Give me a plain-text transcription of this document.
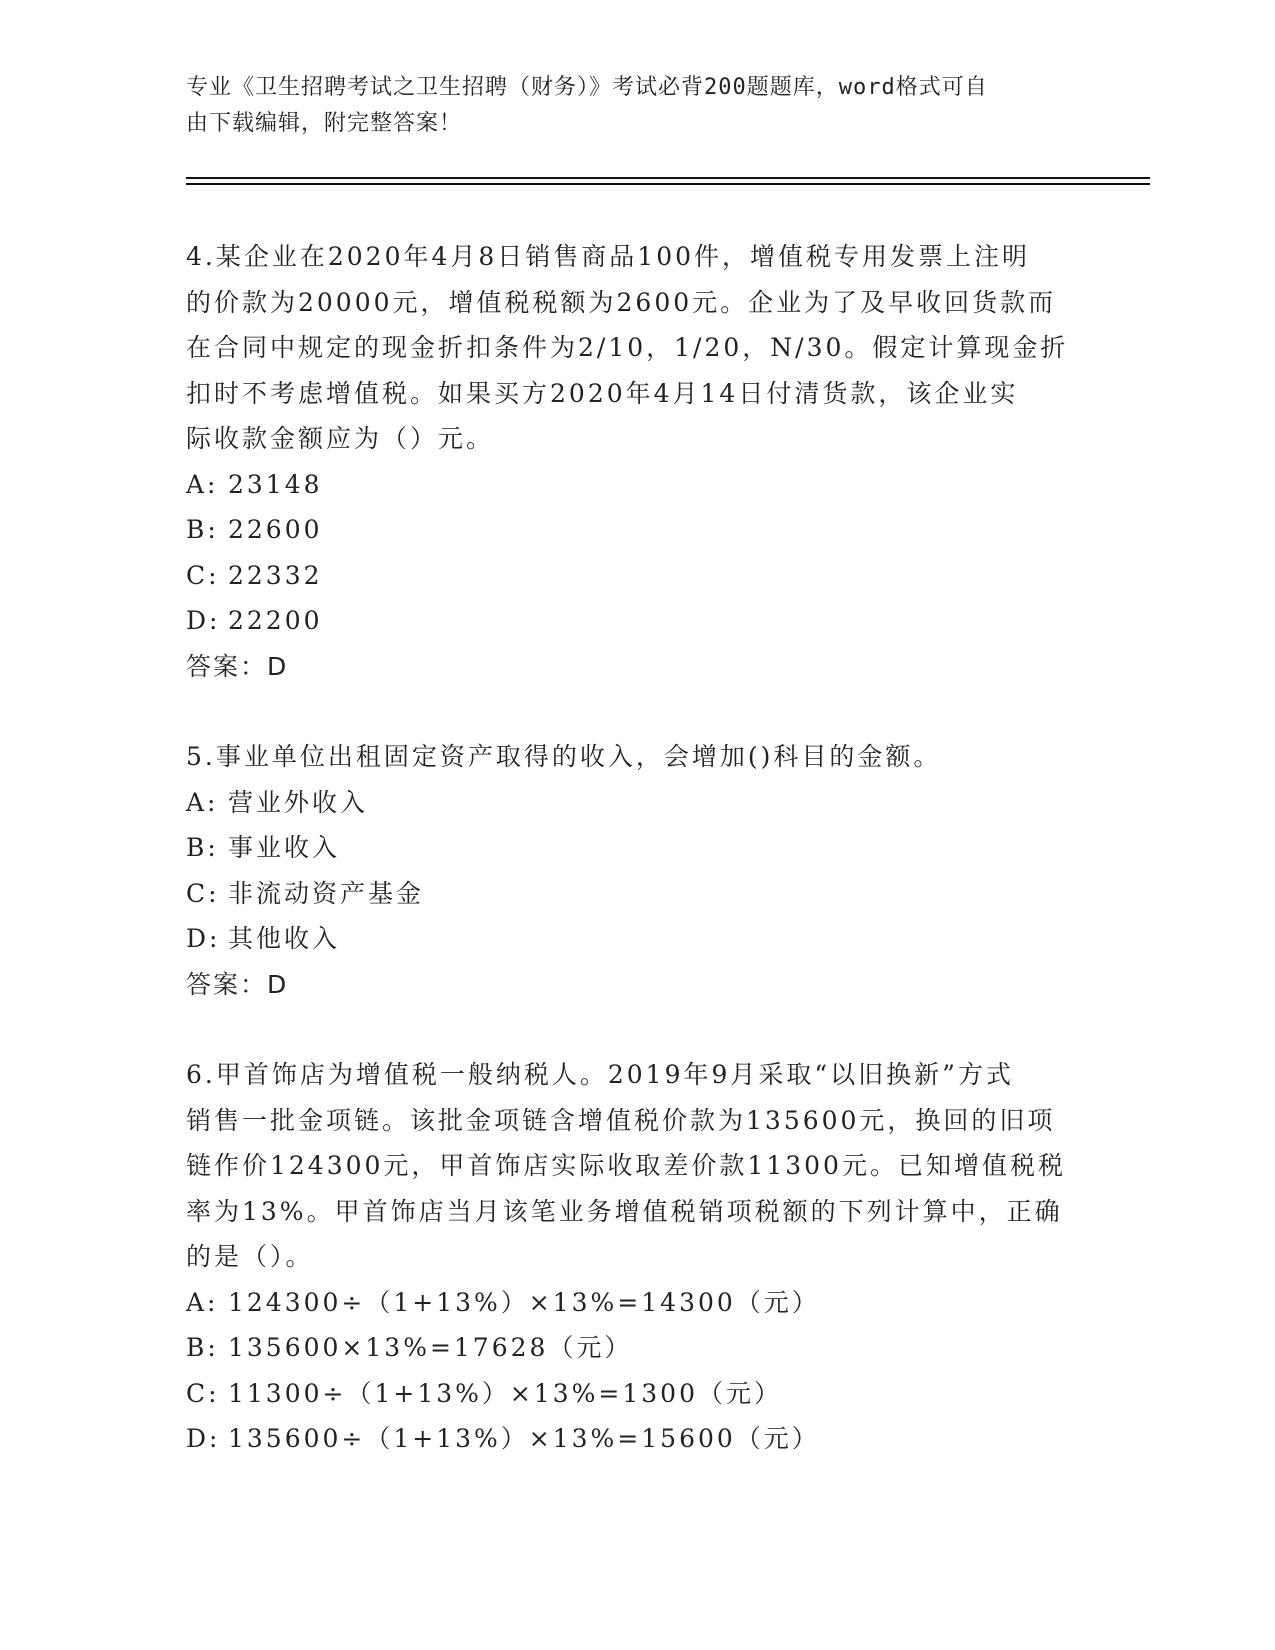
专业《卫生招聘考试之卫生招聘（财务）》考试必背200题题库，word格式可自
由下载编辑，附完整答案！

4.某企业在2020年4月8日销售商品100件，增值税专用发票上注明

的价款为20000元，增值税税额为2600元。企业为了及早收回货款而

在合同中规定的现金折扣条件为2/10，1/20，N/30。假定计算现金折

扣时不考虑增值税。如果买方2020年4月14日付清货款，该企业实

际收款金额应为（）元。

A: 23148

B: 22600

C: 22332

D: 22200

答案：D

5.事业单位出租固定资产取得的收入，会增加()科目的金额。

A: 营业外收入

B: 事业收入

C: 非流动资产基金

D: 其他收入

答案：D

6.甲首饰店为增值税一般纳税人。2019年9月采取“以旧换新”方式

销售一批金项链。该批金项链含增值税价款为135600元，换回的旧项

链作价124300元，甲首饰店实际收取差价款11300元。已知增值税税

率为13%。甲首饰店当月该笔业务增值税销项税额的下列计算中，正确

的是（）。

A: 124300÷（1+13%）×13%=14300（元）

B: 135600×13%=17628（元）

C: 11300÷（1+13%）×13%=1300（元）

D: 135600÷（1+13%）×13%=15600（元）
